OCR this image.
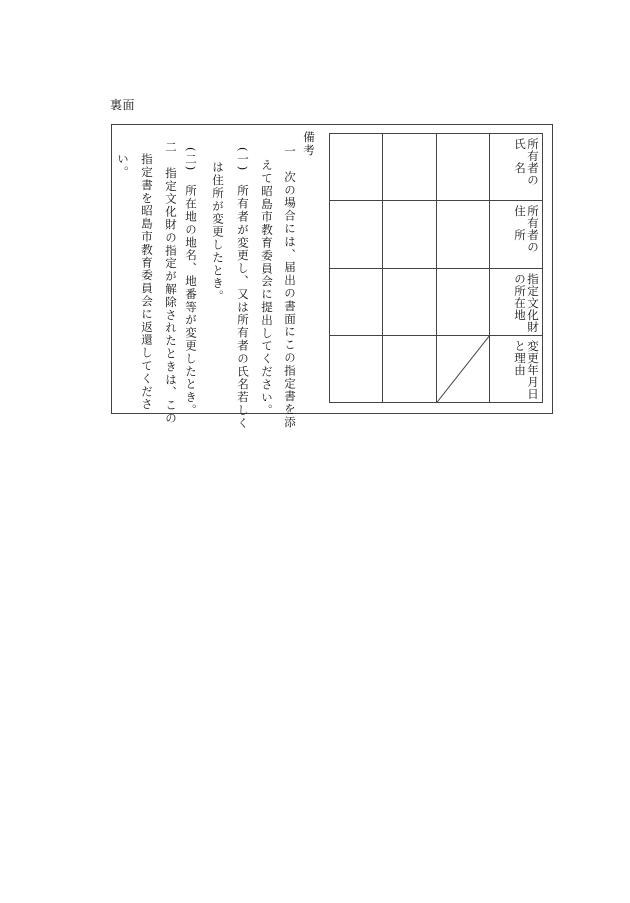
裏面
備考
一　次の場合には、届出の書面にこの指定書を添
えて昭島市教育委員会に提出してください。
(一)　所有者が変更し、又は所有者の氏名若しく
は住所が変更したとき。
(二)　所在地の地名、地番等が変更したとき。
二　指定文化財の指定が解除されたときは、この
指定書を昭島市教育委員会に返還してくださ
い。

			所有者の
氏　名

			所有者の
住　所

			指定文化財
の所在地

変更年月日
と理由
